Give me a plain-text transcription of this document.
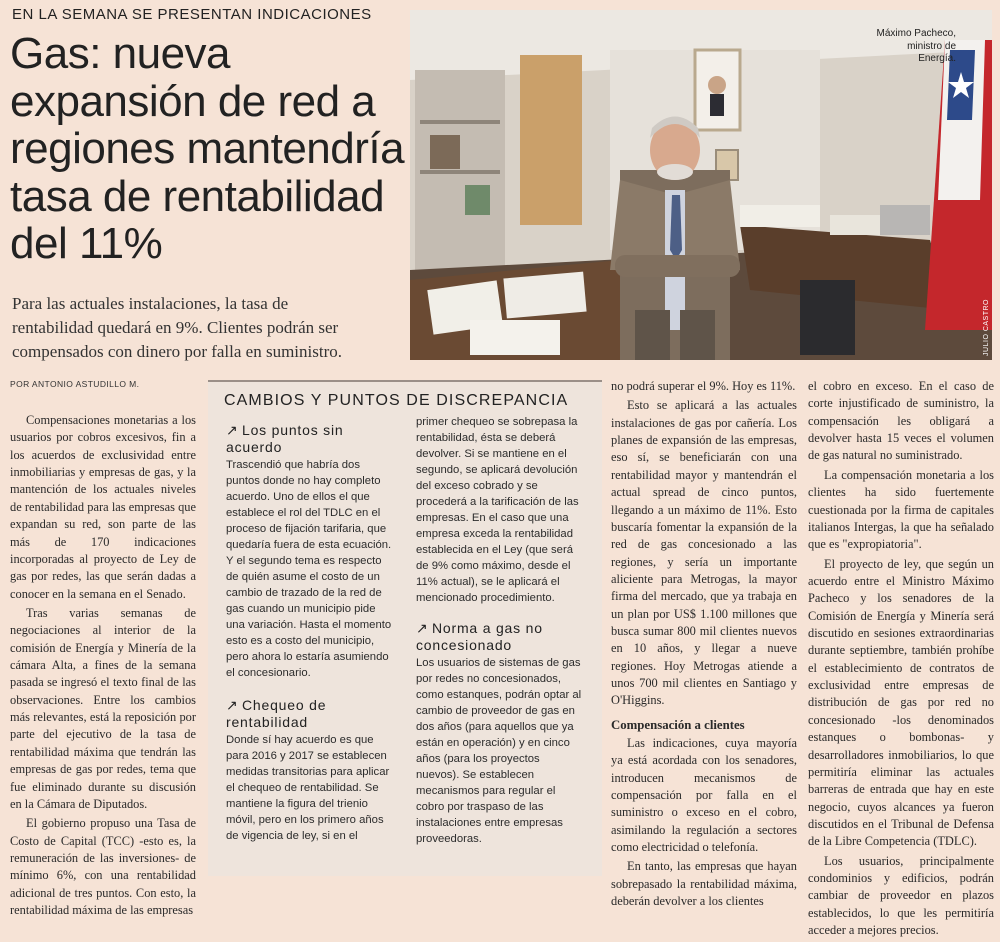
EN LA SEMANA SE PRESENTAN INDICACIONES
Gas: nueva
expansión de red a
regiones mantendría
tasa de rentabilidad
del 11%

Para las actuales instalaciones, la tasa de
rentabilidad quedará en 9%. Clientes podrán ser
compensados con dinero por falla en suministro.

Máximo Pacheco,
ministro de
Energía.
JULIO CASTRO
POR ANTONIO ASTUDILLO M.

Compensaciones monetarias a los usuarios por cobros excesivos, fin a los acuerdos de exclusividad entre inmobiliarias y empresas de gas, y la mantención de los actuales niveles de rentabilidad para las empresas que expandan su red, son parte de las más de 170 indicaciones incorporadas al proyecto de Ley de gas por redes, las que serán dadas a conocer en la semana en el Senado.

Tras varias semanas de negociaciones al interior de la comisión de Energía y Minería de la cámara Alta, a fines de la semana pasada se ingresó el texto final de las observaciones. Entre los cambios más relevantes, está la reposición por parte del ejecutivo de la tasa de rentabilidad máxima que tendrán las empresas de gas por redes, tema que fue eliminado durante su discusión en la Cámara de Diputados.

El gobierno propuso una Tasa de Costo de Capital (TCC) -esto es, la remuneración de las inversiones- de mínimo 6%, con una rentabilidad adicional de tres puntos. Con esto, la rentabilidad máxima de las empresas

CAMBIOS Y PUNTOS DE DISCREPANCIA
↗ Los puntos sin acuerdo

Trascendió que habría dos puntos donde no hay completo acuerdo. Uno de ellos el que establece el rol del TDLC en el proceso de fijación tarifaria, que quedaría fuera de esta ecuación. Y el segundo tema es respecto de quién asume el costo de un cambio de trazado de la red de gas cuando un municipio pide una variación. Hasta el momento esto es a costo del municipio, pero ahora lo estaría asumiendo el concesionario.

↗ Chequeo de rentabilidad

Donde sí hay acuerdo es que para 2016 y 2017 se establecen medidas transitorias para aplicar el chequeo de rentabilidad. Se mantiene la figura del trienio móvil, pero en los primero años de vigencia de ley, si en el

primer chequeo se sobrepasa la rentabilidad, ésta se deberá devolver. Si se mantiene en el segundo, se aplicará devolución del exceso cobrado y se procederá a la tarificación de las empresas. En el caso que una empresa exceda la rentabilidad establecida en el Ley (que será de 9% como máximo, desde el 11% actual), se le aplicará el mencionado procedimiento.

↗ Norma a gas no concesionado

Los usuarios de sistemas de gas por redes no concesionados, como estanques, podrán optar al cambio de proveedor de gas en dos años (para aquellos que ya están en operación) y en cinco años (para los proyectos nuevos). Se establecen mecanismos para regular el cobro por traspaso de las instalaciones entre empresas proveedoras.

no podrá superar el 9%. Hoy es 11%.

Esto se aplicará a las actuales instalaciones de gas por cañería. Los planes de expansión de las empresas, eso sí, se beneficiarán con una rentabilidad mayor y mantendrán el actual spread de cinco puntos, llegando a un máximo de 11%. Esto buscaría fomentar la expansión de la red de gas concesionado a las regiones, y sería un importante aliciente para Metrogas, la mayor firma del mercado, que ya trabaja en un plan por US$ 1.100 millones que busca sumar 800 mil clientes nuevos en 10 años, y llegar a nueve regiones. Hoy Metrogas atiende a unos 700 mil clientes en Santiago y O'Higgins.

Compensación a clientes

Las indicaciones, cuya mayoría ya está acordada con los senadores, introducen mecanismos de compensación por falla en el suministro o exceso en el cobro, asimilando la regulación a sectores como electricidad o telefonía.

En tanto, las empresas que hayan sobrepasado la rentabilidad máxima, deberán devolver a los clientes

el cobro en exceso. En el caso de corte injustificado de suministro, la compensación les obligará a devolver hasta 15 veces el volumen de gas natural no suministrado.

La compensación monetaria a los clientes ha sido fuertemente cuestionada por la firma de capitales italianos Intergas, la que ha señalado que es "expropiatoria".

El proyecto de ley, que según un acuerdo entre el Ministro Máximo Pacheco y los senadores de la Comisión de Energía y Minería será discutido en sesiones extraordinarias durante septiembre, también prohíbe el establecimiento de contratos de exclusividad entre empresas de distribución de gas por red no concesionado -los denominados estanques o bombonas- y desarrolladores inmobiliarios, lo que permitiría eliminar las actuales barreras de entrada que hay en este negocio, cuyos alcances ya fueron discutidos en el Tribunal de Defensa de la Libre Competencia (TDLC).

Los usuarios, principalmente condominios y edificios, podrán cambiar de proveedor en plazos establecidos, lo que les permitiría acceder a mejores precios.
